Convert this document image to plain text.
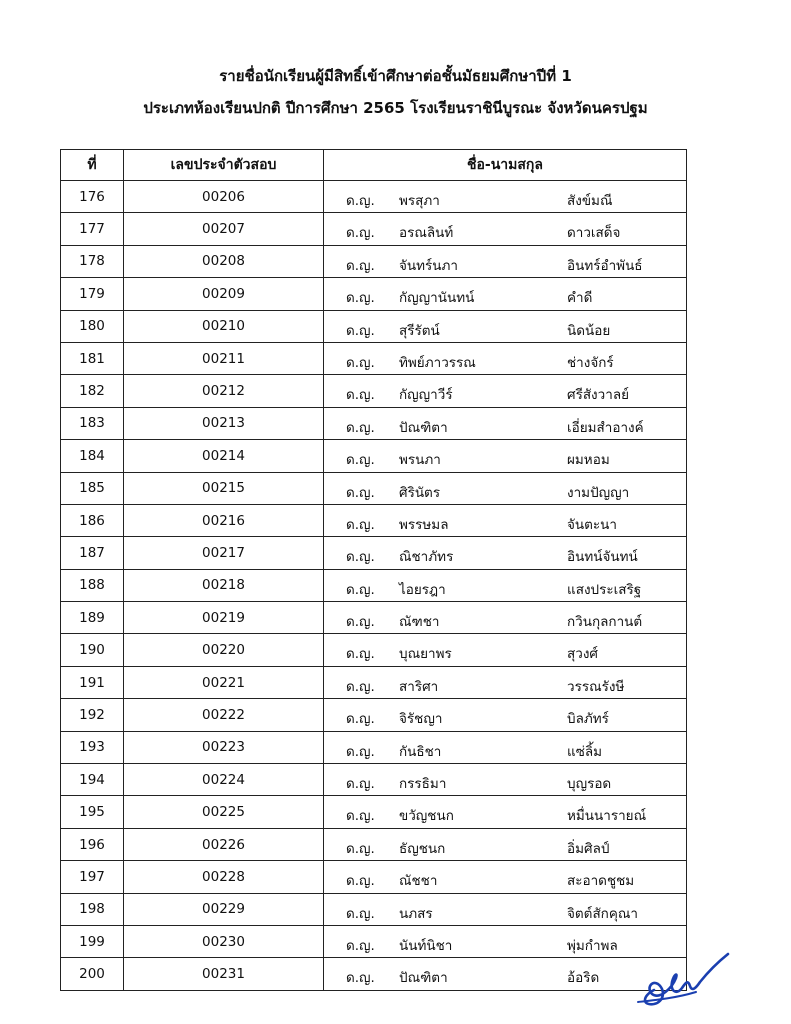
รายชื่อนักเรียนผู้มีสิทธิ์เข้าศึกษาต่อชั้นมัธยมศึกษาปีที่ 1
ประเภทห้องเรียนปกติ ปีการศึกษา 2565 โรงเรียนราชินีบูรณะ จังหวัดนครปฐม
ที่	เลขประจำตัวสอบ	ชื่อ-นามสกุล
176	00206	ด.ญ. พรสุภา สังข์มณี

177	00207	ด.ญ. อรณลินท์ ดาวเสด็จ

178	00208	ด.ญ. จันทร์นภา อินทร์อำพันธ์

179	00209	ด.ญ. กัญญานันทน์ คำดี

180	00210	ด.ญ. สุรีรัตน์ นิดน้อย

181	00211	ด.ญ. ทิพย์ภาวรรณ ช่างจักร์

182	00212	ด.ญ. กัญญาวีร์ ศรีสังวาลย์

183	00213	ด.ญ. ปัณฑิตา เอี่ยมสำอางค์

184	00214	ด.ญ. พรนภา ผมหอม

185	00215	ด.ญ. ศิรินัตร งามปัญญา

186	00216	ด.ญ. พรรษมล จันตะนา

187	00217	ด.ญ. ณิชาภัทร อินทน์จันทน์

188	00218	ด.ญ. ไอยรฎา แสงประเสริฐ

189	00219	ด.ญ. ณัฑชา กวินกุลกานต์

190	00220	ด.ญ. บุณยาพร สุวงศ์

191	00221	ด.ญ. สาริศา วรรณรังษี

192	00222	ด.ญ. จิรัชญา บิลภัทร์

193	00223	ด.ญ. กันธิชา แซ่ลิ้ม

194	00224	ด.ญ. กรรธิมา บุญรอด

195	00225	ด.ญ. ขวัญชนก หมื่นนารายณ์

196	00226	ด.ญ. ธัญชนก อิ่มศิลป์

197	00228	ด.ญ. ณัชชา สะอาดชูชม

198	00229	ด.ญ. นภสร จิตต์สักคุณา

199	00230	ด.ญ. นันท์นิชา พุ่มกำพล

200	00231	ด.ญ. ปัณฑิตา อ้อริด
